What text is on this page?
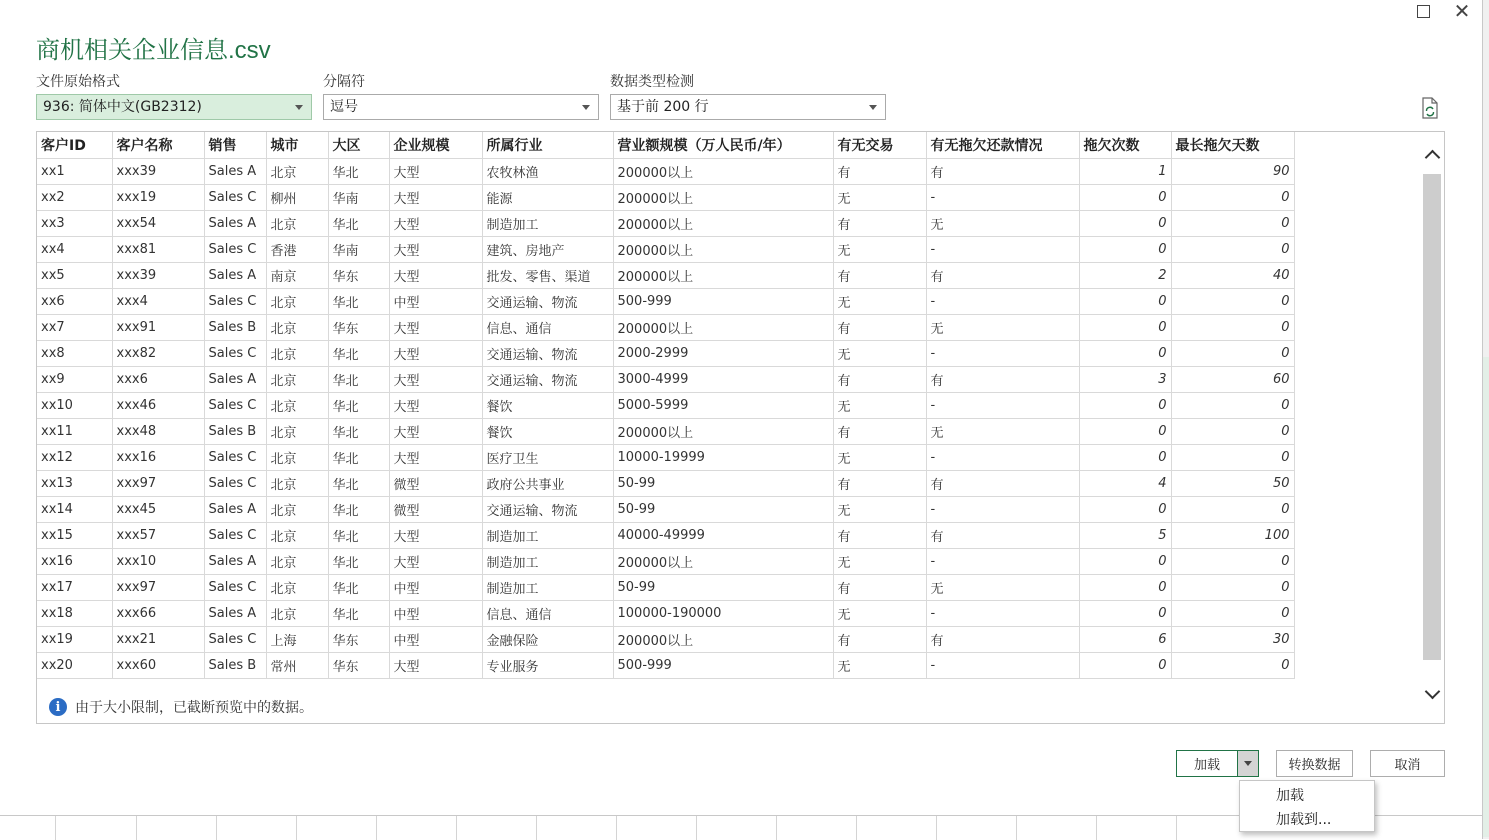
✕
商机相关企业信息.csv
文件原始格式
936: 简体中文(GB2312)
分隔符
逗号
数据类型检测
基于前 200 行
客户ID	客户名称	销售	城市	大区	企业规模	所属行业	营业额规模（万人民币/年）	有无交易	有无拖欠还款情况	拖欠次数	最长拖欠天数
xx1	xxx39	Sales A	北京	华北	大型	农牧林渔	200000以上	有	有	1	90
xx2	xxx19	Sales C	柳州	华南	大型	能源	200000以上	无	-	0	0
xx3	xxx54	Sales A	北京	华北	大型	制造加工	200000以上	有	无	0	0
xx4	xxx81	Sales C	香港	华南	大型	建筑、房地产	200000以上	无	-	0	0
xx5	xxx39	Sales A	南京	华东	大型	批发、零售、渠道	200000以上	有	有	2	40
xx6	xxx4	Sales C	北京	华北	中型	交通运输、物流	500-999	无	-	0	0
xx7	xxx91	Sales B	北京	华东	大型	信息、通信	200000以上	有	无	0	0
xx8	xxx82	Sales C	北京	华北	大型	交通运输、物流	2000-2999	无	-	0	0
xx9	xxx6	Sales A	北京	华北	大型	交通运输、物流	3000-4999	有	有	3	60
xx10	xxx46	Sales C	北京	华北	大型	餐饮	5000-5999	无	-	0	0
xx11	xxx48	Sales B	北京	华北	大型	餐饮	200000以上	有	无	0	0
xx12	xxx16	Sales C	北京	华北	大型	医疗卫生	10000-19999	无	-	0	0
xx13	xxx97	Sales C	北京	华北	微型	政府公共事业	50-99	有	有	4	50
xx14	xxx45	Sales A	北京	华北	微型	交通运输、物流	50-99	无	-	0	0
xx15	xxx57	Sales C	北京	华北	大型	制造加工	40000-49999	有	有	5	100
xx16	xxx10	Sales A	北京	华北	大型	制造加工	200000以上	无	-	0	0
xx17	xxx97	Sales C	北京	华北	中型	制造加工	50-99	有	无	0	0
xx18	xxx66	Sales A	北京	华北	中型	信息、通信	100000-190000	无	-	0	0
xx19	xxx21	Sales C	上海	华东	中型	金融保险	200000以上	有	有	6	30
xx20	xxx60	Sales B	常州	华东	大型	专业服务	500-999	无	-	0	0
i	由于大小限制，已截断预览中的数据。
加载	转换数据	取消
加载
加载到...
